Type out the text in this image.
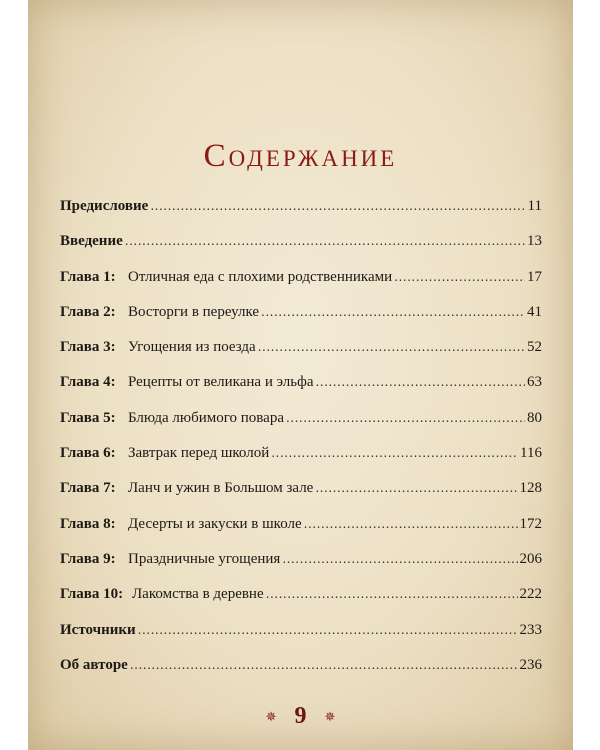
Содержание
Предисловие .....	11
Введение .....	13
Глава 1: Отличная еда с плохими родственниками .....	17
Глава 2: Восторги в переулке .....	41
Глава 3: Угощения из поезда .....	52
Глава 4: Рецепты от великана и эльфа .....	63
Глава 5: Блюда любимого повара .....	80
Глава 6: Завтрак перед школой .....	116
Глава 7: Ланч и ужин в Большом зале .....	128
Глава 8: Десерты и закуски в школе .....	172
Глава 9: Праздничные угощения .....	206
Глава 10: Лакомства в деревне .....	222
Источники .....	233
Об авторе .....	236
✵ 9 ✵
